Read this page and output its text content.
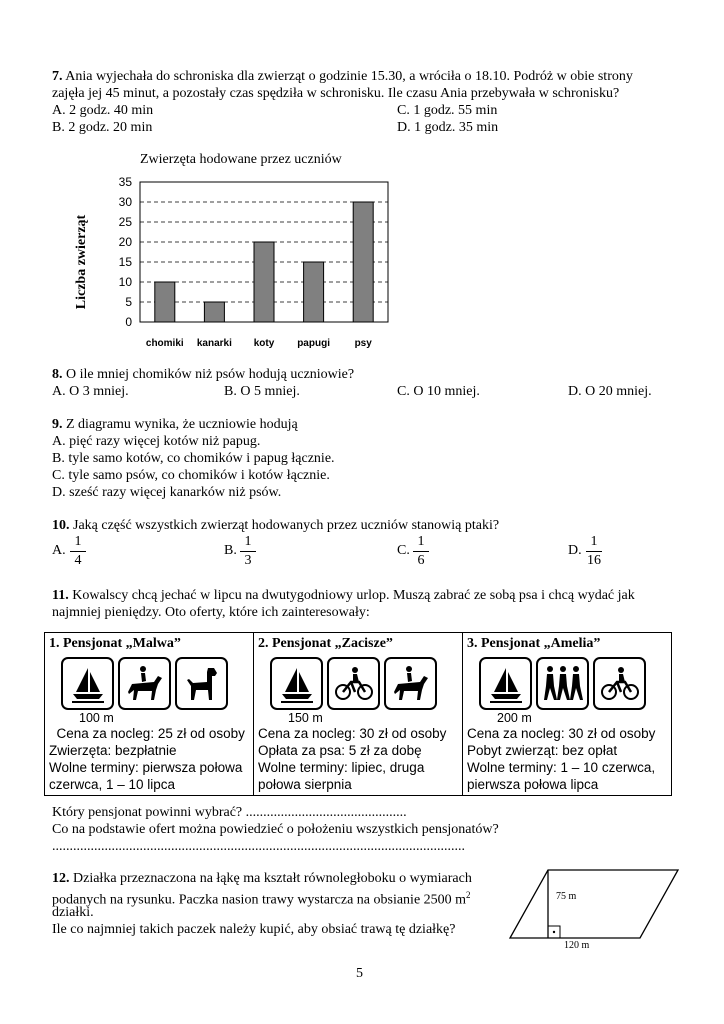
7. Ania wyjechała do schroniska dla zwierząt o godzinie 15.30, a wróciła o 18.10. Podróż w obie strony
zajęła jej 45 minut, a pozostały czas spędziła w schronisku. Ile czasu Ania przebywała w schronisku?
A. 2 godz. 40 min	C. 1 godz. 55 min
B. 2 godz. 20 min	D. 1 godz. 35 min
Zwierzęta hodowane przez uczniów
Liczba zwierząt
0
5
10
15
20
25
30
35
chomiki kanarki koty papugi psy
8. O ile mniej chomików niż psów hodują uczniowie?
A. O 3 mniej.	B. O 5 mniej.	C. O 10 mniej.	D. O 20 mniej.
9. Z diagramu wynika, że uczniowie hodują
A. pięć razy więcej kotów niż papug.
B. tyle samo kotów, co chomików i papug łącznie.
C. tyle samo psów, co chomików i kotów łącznie.
D. sześć razy więcej kanarków niż psów.
10. Jaką część wszystkich zwierząt hodowanych przez uczniów stanowią ptaki?
A.
1
4
B.
1
3
C.
1
6
D.
1
16
11. Kowalscy chcą jechać w lipcu na dwutygodniowy urlop. Muszą zabrać ze sobą psa i chcą wydać jak
najmniej pieniędzy. Oto oferty, które ich zainteresowały:
1. Pensjonat „Malwa”
100 m
Cena za nocleg: 25 zł od osoby
Zwierzęta: bezpłatnie
Wolne terminy: pierwsza połowa
czerwca, 1 – 10 lipca

2. Pensjonat „Zacisze”
150 m
Cena za nocleg: 30 zł od osoby
Opłata za psa: 5 zł za dobę
Wolne terminy: lipiec, druga
połowa sierpnia

3. Pensjonat „Amelia”
200 m
Cena za nocleg: 30 zł od osoby
Pobyt zwierząt: bez opłat
Wolne terminy: 1 – 10 czerwca,
pierwsza połowa lipca
Który pensjonat powinni wybrać? ..............................................
Co na podstawie ofert można powiedzieć o położeniu wszystkich pensjonatów?
......................................................................................................................
12. Działka przeznaczona na łąkę ma kształt równoległoboku o wymiarach
podanych na rysunku. Paczka nasion trawy wystarcza na obsianie 2500 $m^2$
działki.
Ile co najmniej takich paczek należy kupić, aby obsiać trawą tę działkę?
75 m
120 m
5
